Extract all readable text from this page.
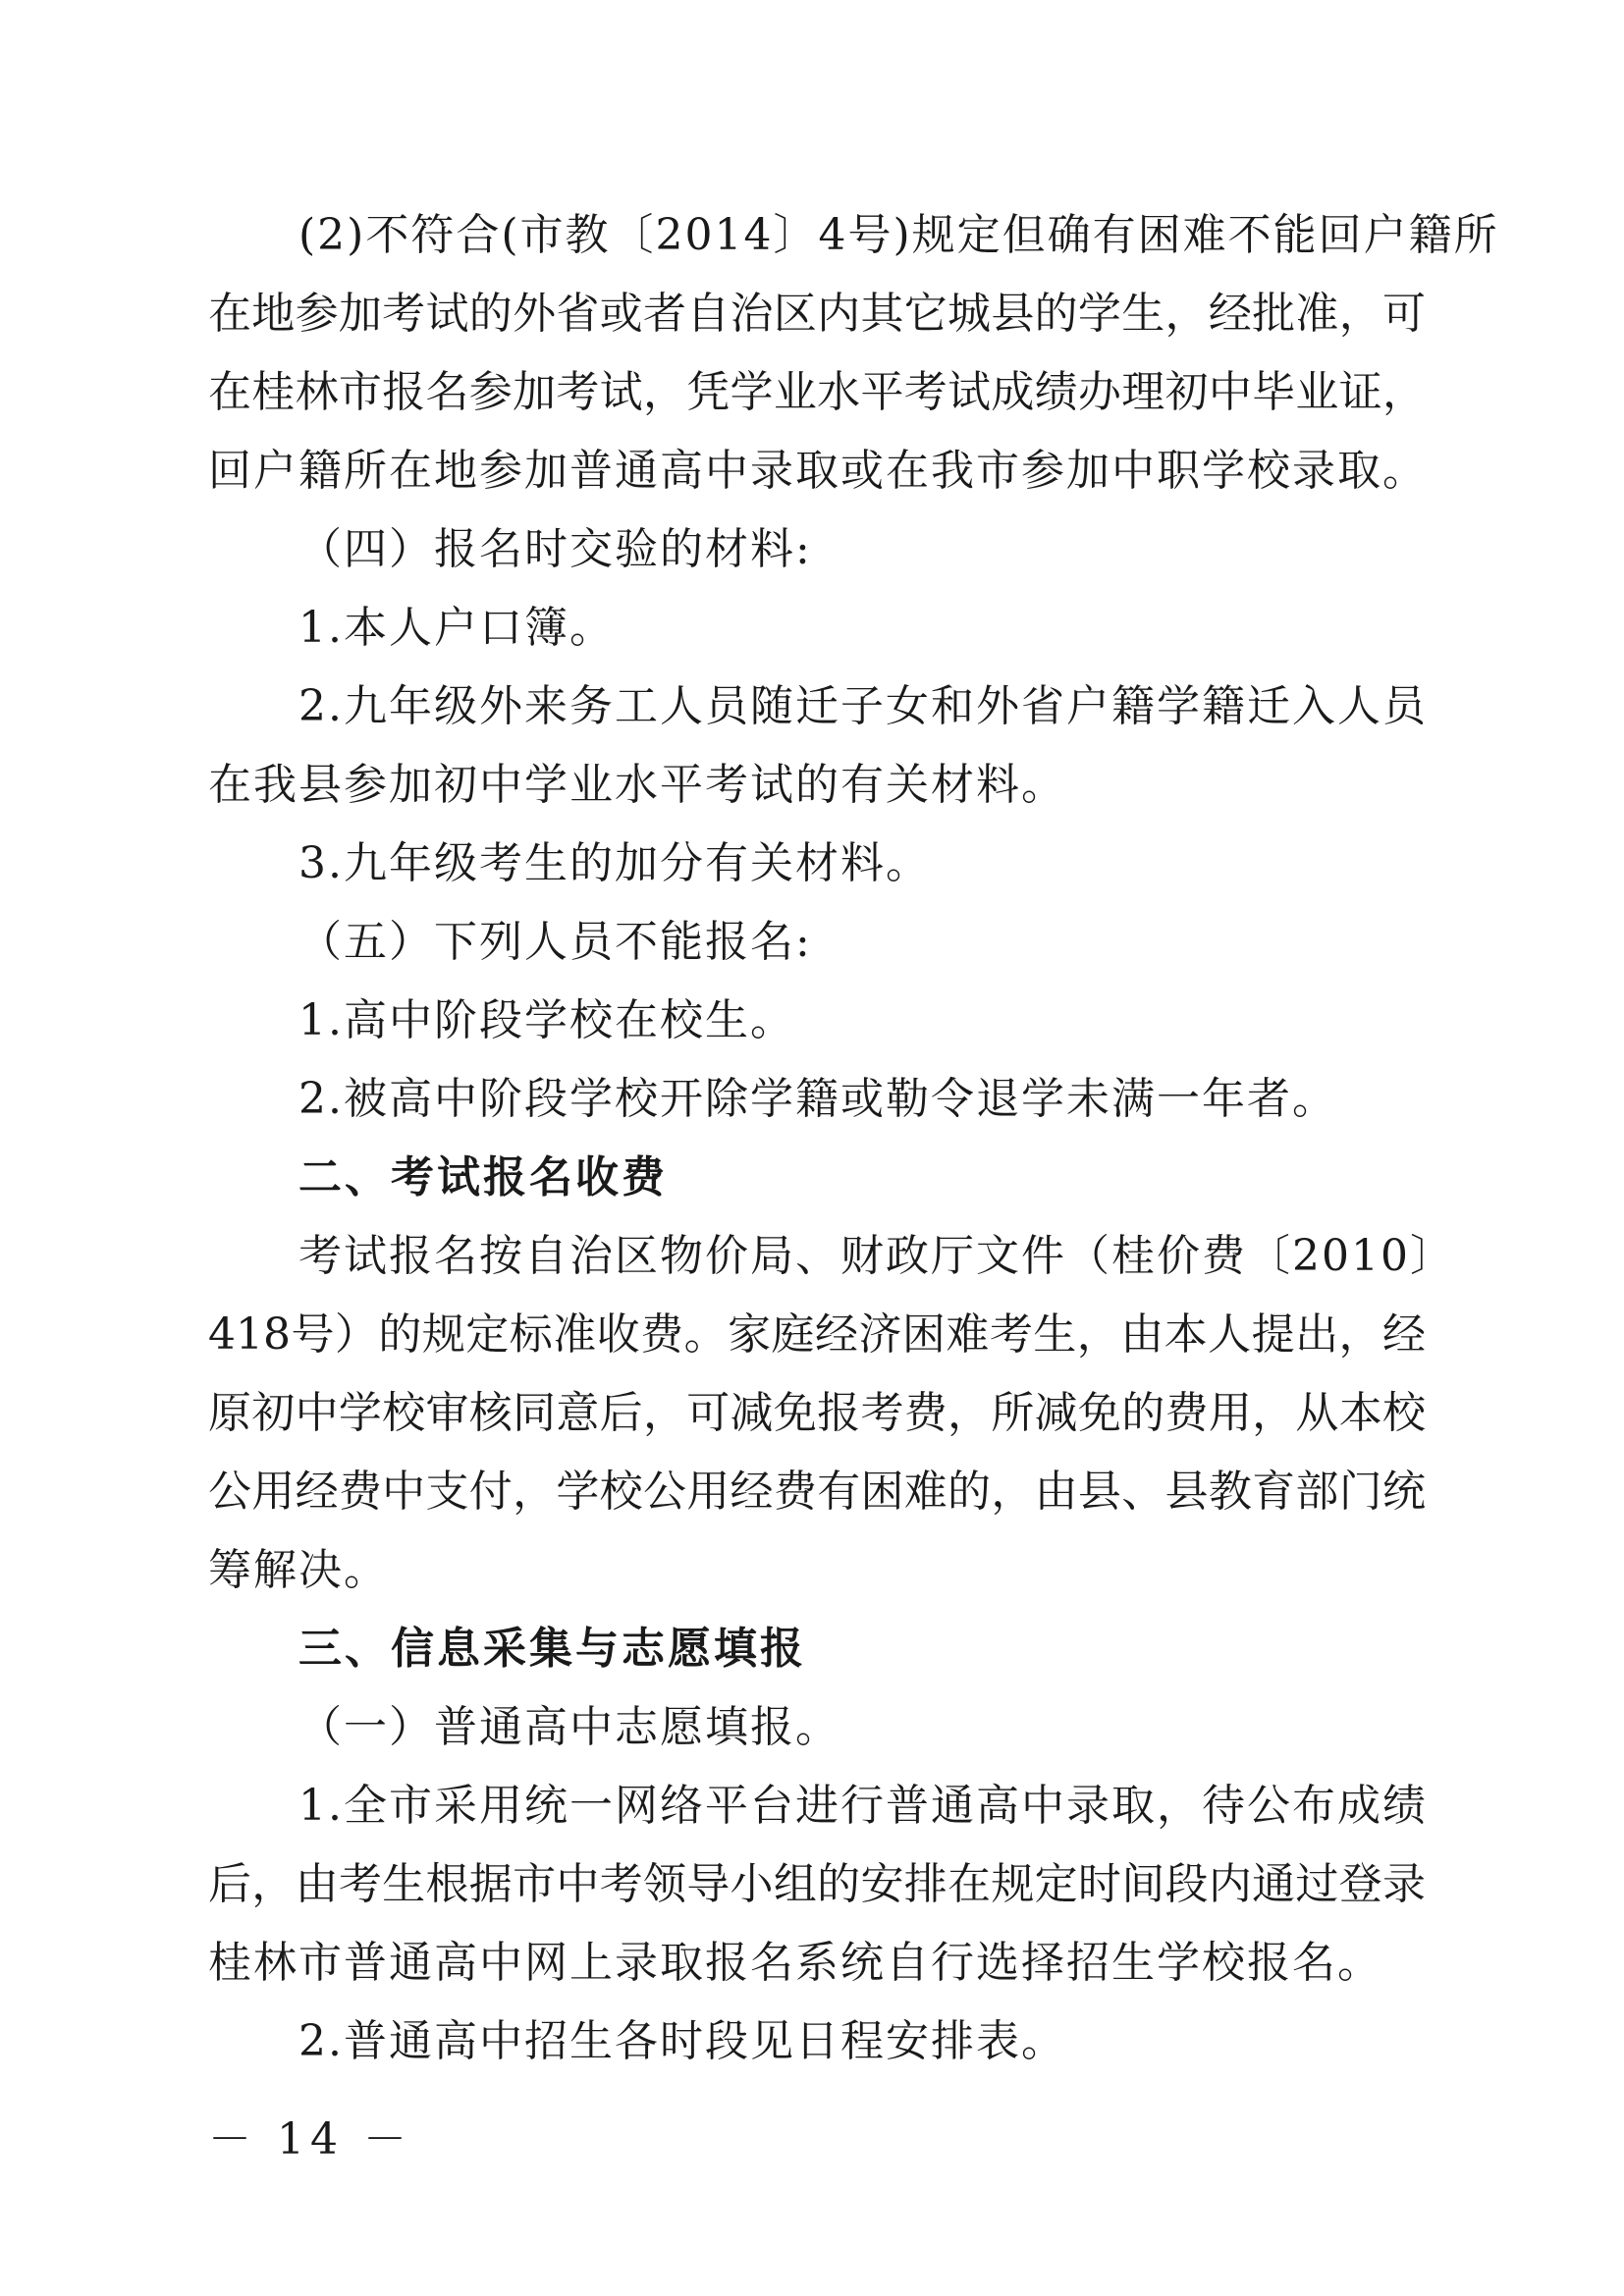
(2)不符合(市教〔2014〕4号)规定但确有困难不能回户籍所
在地参加考试的外省或者自治区内其它城县的学生，经批准，可
在桂林市报名参加考试，凭学业水平考试成绩办理初中毕业证，
回户籍所在地参加普通高中录取或在我市参加中职学校录取。
（四）报名时交验的材料:
1.本人户口簿。
2.九年级外来务工人员随迁子女和外省户籍学籍迁入人员
在我县参加初中学业水平考试的有关材料。
3.九年级考生的加分有关材料。
（五）下列人员不能报名:
1.高中阶段学校在校生。
2.被高中阶段学校开除学籍或勒令退学未满一年者。
二、考试报名收费
考试报名按自治区物价局、财政厅文件（桂价费〔2010〕
418号）的规定标准收费。家庭经济困难考生，由本人提出，经
原初中学校审核同意后，可减免报考费，所减免的费用，从本校
公用经费中支付，学校公用经费有困难的，由县、县教育部门统
筹解决。
三、信息采集与志愿填报
（一）普通高中志愿填报。
1.全市采用统一网络平台进行普通高中录取，待公布成绩
后，由考生根据市中考领导小组的安排在规定时间段内通过登录
桂林市普通高中网上录取报名系统自行选择招生学校报名。
2.普通高中招生各时段见日程安排表。
－ 14 －
